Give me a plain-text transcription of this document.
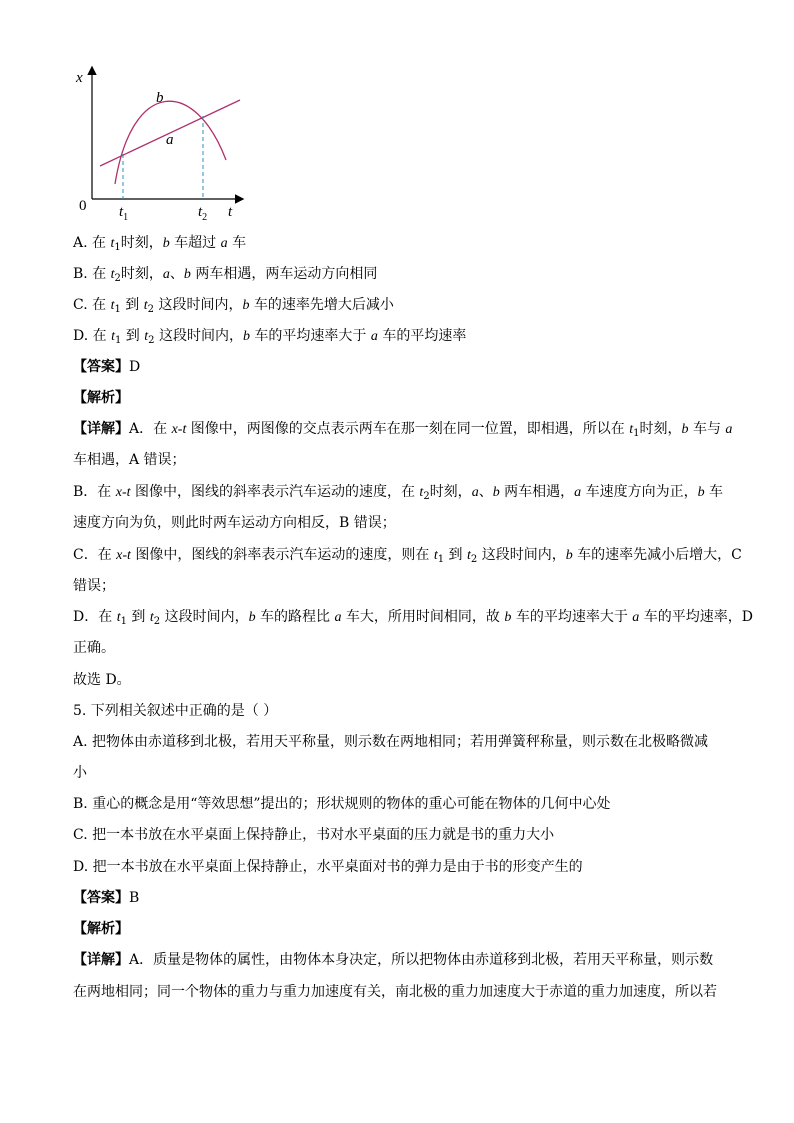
x
0
b
a
$t_1$	$t_2$ t
A. 在 $t_1$时刻，b 车超过 a 车
B. 在 $t_2$时刻，a、b 两车相遇，两车运动方向相同
C. 在 $t_1$ 到 $t_2$ 这段时间内，b 车的速率先增大后减小
D. 在 $t_1$ 到 $t_2$ 这段时间内，b 车的平均速率大于 a 车的平均速率
【答案】D
【解析】
【详解】A．在 x-t 图像中，两图像的交点表示两车在那一刻在同一位置，即相遇，所以在 $t_1$时刻，b 车与 a
车相遇，A 错误；
B．在 x-t 图像中，图线的斜率表示汽车运动的速度，在 $t_2$时刻，a、b 两车相遇，a 车速度方向为正，b 车
速度方向为负，则此时两车运动方向相反，B 错误；
C．在 x-t 图像中，图线的斜率表示汽车运动的速度，则在 $t_1$ 到 $t_2$ 这段时间内，b 车的速率先减小后增大，C
错误；
D．在 $t_1$ 到 $t_2$ 这段时间内，b 车的路程比 a 车大，所用时间相同，故 b 车的平均速率大于 a 车的平均速率，D
正确。
故选 D。
5. 下列相关叙述中正确的是（ ）
A. 把物体由赤道移到北极，若用天平称量，则示数在两地相同；若用弹簧秤称量，则示数在北极略微减
小
B. 重心的概念是用“等效思想”提出的；形状规则的物体的重心可能在物体的几何中心处
C. 把一本书放在水平桌面上保持静止，书对水平桌面的压力就是书的重力大小
D. 把一本书放在水平桌面上保持静止，水平桌面对书的弹力是由于书的形变产生的
【答案】B
【解析】
【详解】A．质量是物体的属性，由物体本身决定，所以把物体由赤道移到北极，若用天平称量，则示数
在两地相同；同一个物体的重力与重力加速度有关，南北极的重力加速度大于赤道的重力加速度，所以若
